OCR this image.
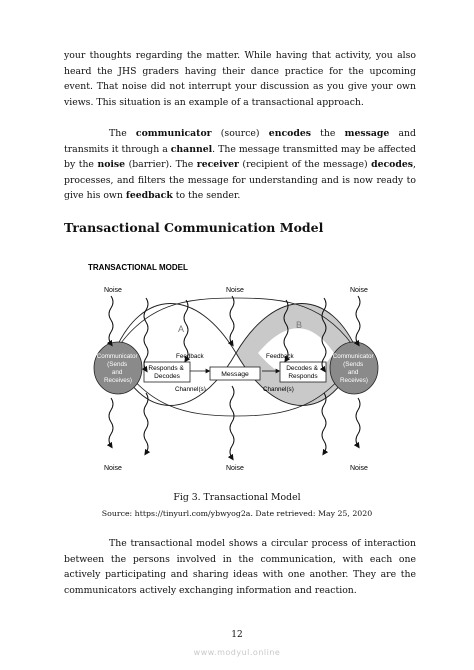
your thoughts regarding the matter. While having that activity, you also heard the JHS graders having their dance practice for the upcoming event. That noise did not interrupt your discussion as you give your own views. This situation is an example of a transactional approach.

The communicator (source) encodes the message and transmits it through a channel. The message transmitted may be affected by the noise (barrier). The receiver (recipient of the message) decodes, processes, and filters the message for understanding and is now ready to give his own feedback to the sender.

Transactional Communication Model
TRANSACTIONAL MODEL
A	B
Communicator (Sends and Receives)
Communicator (Sends and Receives)
Responds & Decodes
Decodes & Responds
Message
Feedback
Channel(s)
Feedback
Channel(s)
Noise	Noise	Noise
Noise	Noise	Noise
Fig 3. Transactional Model
Source: https://tinyurl.com/ybwyog2a. Date retrieved: May 25, 2020

The transactional model shows a circular process of interaction between the persons involved in the communication, with each one actively participating and sharing ideas with one another. They are the communicators actively exchanging information and reaction.

12
www.modyul.online
